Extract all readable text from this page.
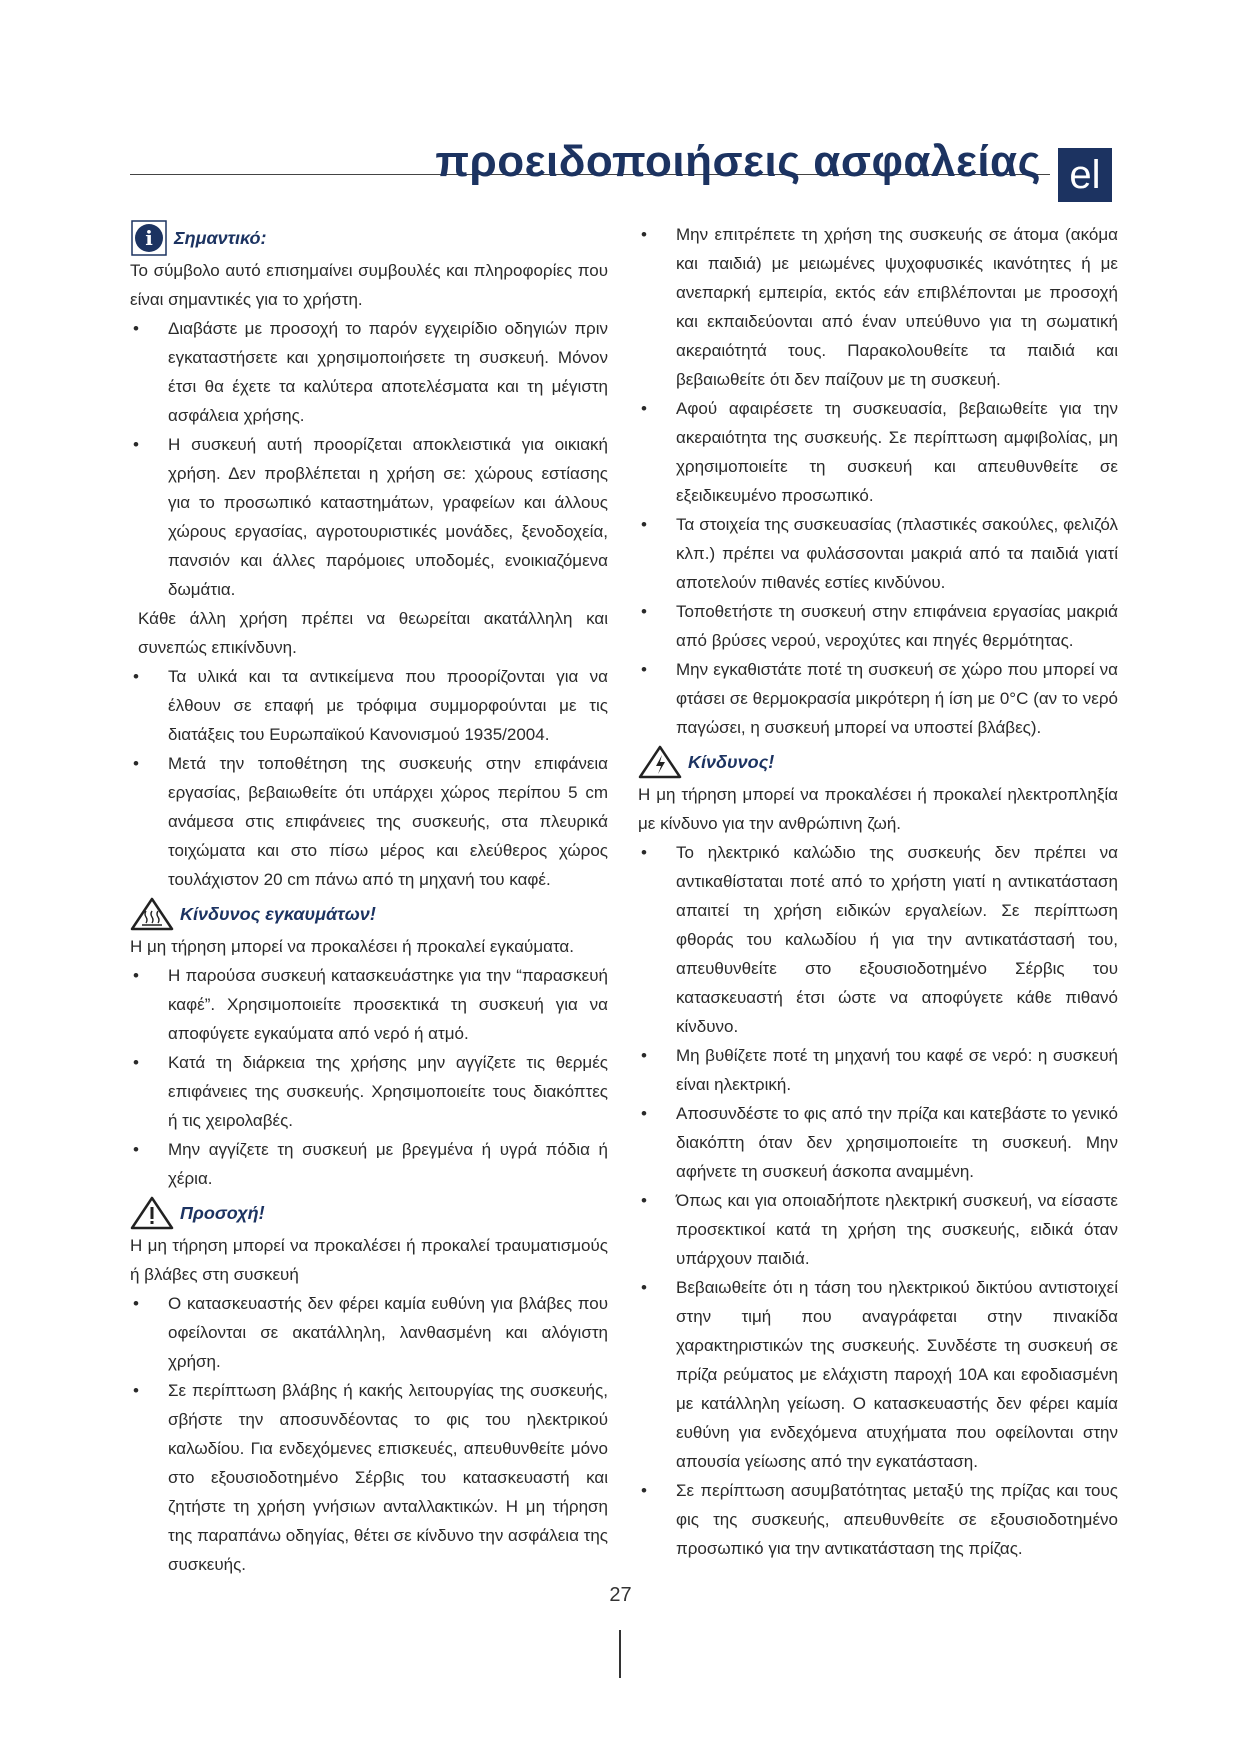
προειδοποιήσεις ασφαλείας el
i Σημαντικό:

Το σύμβολο αυτό επισημαίνει συμβουλές και πληροφορίες που είναι σημαντικές για το χρήστη.

• Διαβάστε με προσοχή το παρόν εγχειρίδιο οδηγιών πριν εγκαταστήσετε και χρησιμοποιήσετε τη συσκευή. Μόνον έτσι θα έχετε τα καλύτερα αποτελέσματα και τη μέγιστη ασφάλεια χρήσης.
• Η συσκευή αυτή προορίζεται αποκλειστικά για οικιακή χρήση. Δεν προβλέπεται η χρήση σε: χώρους εστίασης για το προσωπικό καταστημάτων, γραφείων και άλλους χώρους εργασίας, αγροτουριστικές μονάδες, ξενοδοχεία, πανσιόν και άλλες παρόμοιες υποδομές, ενοικιαζόμενα δωμάτια.

Κάθε άλλη χρήση πρέπει να θεωρείται ακατάλληλη και συνεπώς επικίνδυνη.

• Τα υλικά και τα αντικείμενα που προορίζονται για να έλθουν σε επαφή με τρόφιμα συμμορφούνται με τις διατάξεις του Ευρωπαϊκού Κανονισμού 1935/2004.
• Μετά την τοποθέτηση της συσκευής στην επιφάνεια εργασίας, βεβαιωθείτε ότι υπάρχει χώρος περίπου 5 cm ανάμεσα στις επιφάνειες της συσκευής, στα πλευρικά τοιχώματα και στο πίσω μέρος και ελεύθερος χώρος τουλάχιστον 20 cm πάνω από τη μηχανή του καφέ.
Κίνδυνος εγκαυμάτων!

Η μη τήρηση μπορεί να προκαλέσει ή προκαλεί εγκαύματα.

• Η παρούσα συσκευή κατασκευάστηκε για την “παρασκευή καφέ”. Χρησιμοποιείτε προσεκτικά τη συσκευή για να αποφύγετε εγκαύματα από νερό ή ατμό.
• Κατά τη διάρκεια της χρήσης μην αγγίζετε τις θερμές επιφάνειες της συσκευής. Χρησιμοποιείτε τους διακόπτες ή τις χειρολαβές.
• Μην αγγίζετε τη συσκευή με βρεγμένα ή υγρά πόδια ή χέρια.
Προσοχή!

Η μη τήρηση μπορεί να προκαλέσει ή προκαλεί τραυματισμούς ή βλάβες στη συσκευή

• Ο κατασκευαστής δεν φέρει καμία ευθύνη για βλάβες που οφείλονται σε ακατάλληλη, λανθασμένη και αλόγιστη χρήση.
• Σε περίπτωση βλάβης ή κακής λειτουργίας της συσκευής, σβήστε την αποσυνδέοντας το φις του ηλεκτρικού καλωδίου. Για ενδεχόμενες επισκευές, απευθυνθείτε μόνο στο εξουσιοδοτημένο Σέρβις του κατασκευαστή και ζητήστε τη χρήση γνήσιων ανταλλακτικών. Η μη τήρηση της παραπάνω οδηγίας, θέτει σε κίνδυνο την ασφάλεια της συσκευής.
• Μην επιτρέπετε τη χρήση της συσκευής σε άτομα (ακόμα και παιδιά) με μειωμένες ψυχοφυσικές ικανότητες ή με ανεπαρκή εμπειρία, εκτός εάν επιβλέπονται με προσοχή και εκπαιδεύονται από έναν υπεύθυνο για τη σωματική ακεραιότητά τους. Παρακολουθείτε τα παιδιά και βεβαιωθείτε ότι δεν παίζουν με τη συσκευή.
• Αφού αφαιρέσετε τη συσκευασία, βεβαιωθείτε για την ακεραιότητα της συσκευής. Σε περίπτωση αμφιβολίας, μη χρησιμοποιείτε τη συσκευή και απευθυνθείτε σε εξειδικευμένο προσωπικό.
• Τα στοιχεία της συσκευασίας (πλαστικές σακούλες, φελιζόλ κλπ.) πρέπει να φυλάσσονται μακριά από τα παιδιά γιατί αποτελούν πιθανές εστίες κινδύνου.
• Τοποθετήστε τη συσκευή στην επιφάνεια εργασίας μακριά από βρύσες νερού, νεροχύτες και πηγές θερμότητας.
• Μην εγκαθιστάτε ποτέ τη συσκευή σε χώρο που μπορεί να φτάσει σε θερμοκρασία μικρότερη ή ίση με 0°C (αν το νερό παγώσει, η συσκευή μπορεί να υποστεί βλάβες).
Κίνδυνος!

Η μη τήρηση μπορεί να προκαλέσει ή προκαλεί ηλεκτροπληξία με κίνδυνο για την ανθρώπινη ζωή.

• Το ηλεκτρικό καλώδιο της συσκευής δεν πρέπει να αντικαθίσταται ποτέ από το χρήστη γιατί η αντικατάσταση απαιτεί τη χρήση ειδικών εργαλείων. Σε περίπτωση φθοράς του καλωδίου ή για την αντικατάστασή του, απευθυνθείτε στο εξουσιοδοτημένο Σέρβις του κατασκευαστή έτσι ώστε να αποφύγετε κάθε πιθανό κίνδυνο.
• Μη βυθίζετε ποτέ τη μηχανή του καφέ σε νερό: η συσκευή είναι ηλεκτρική.
• Αποσυνδέστε το φις από την πρίζα και κατεβάστε το γενικό διακόπτη όταν δεν χρησιμοποιείτε τη συσκευή. Μην αφήνετε τη συσκευή άσκοπα αναμμένη.
• Όπως και για οποιαδήποτε ηλεκτρική συσκευή, να είσαστε προσεκτικοί κατά τη χρήση της συσκευής, ειδικά όταν υπάρχουν παιδιά.
• Βεβαιωθείτε ότι η τάση του ηλεκτρικού δικτύου αντιστοιχεί στην τιμή που αναγράφεται στην πινακίδα χαρακτηριστικών της συσκευής. Συνδέστε τη συσκευή σε πρίζα ρεύματος με ελάχιστη παροχή 10A και εφοδιασμένη με κατάλληλη γείωση. Ο κατασκευαστής δεν φέρει καμία ευθύνη για ενδεχόμενα ατυχήματα που οφείλονται στην απουσία γείωσης από την εγκατάσταση.
• Σε περίπτωση ασυμβατότητας μεταξύ της πρίζας και τους φις της συσκευής, απευθυνθείτε σε εξουσιοδοτημένο προσωπικό για την αντικατάσταση της πρίζας.
27
